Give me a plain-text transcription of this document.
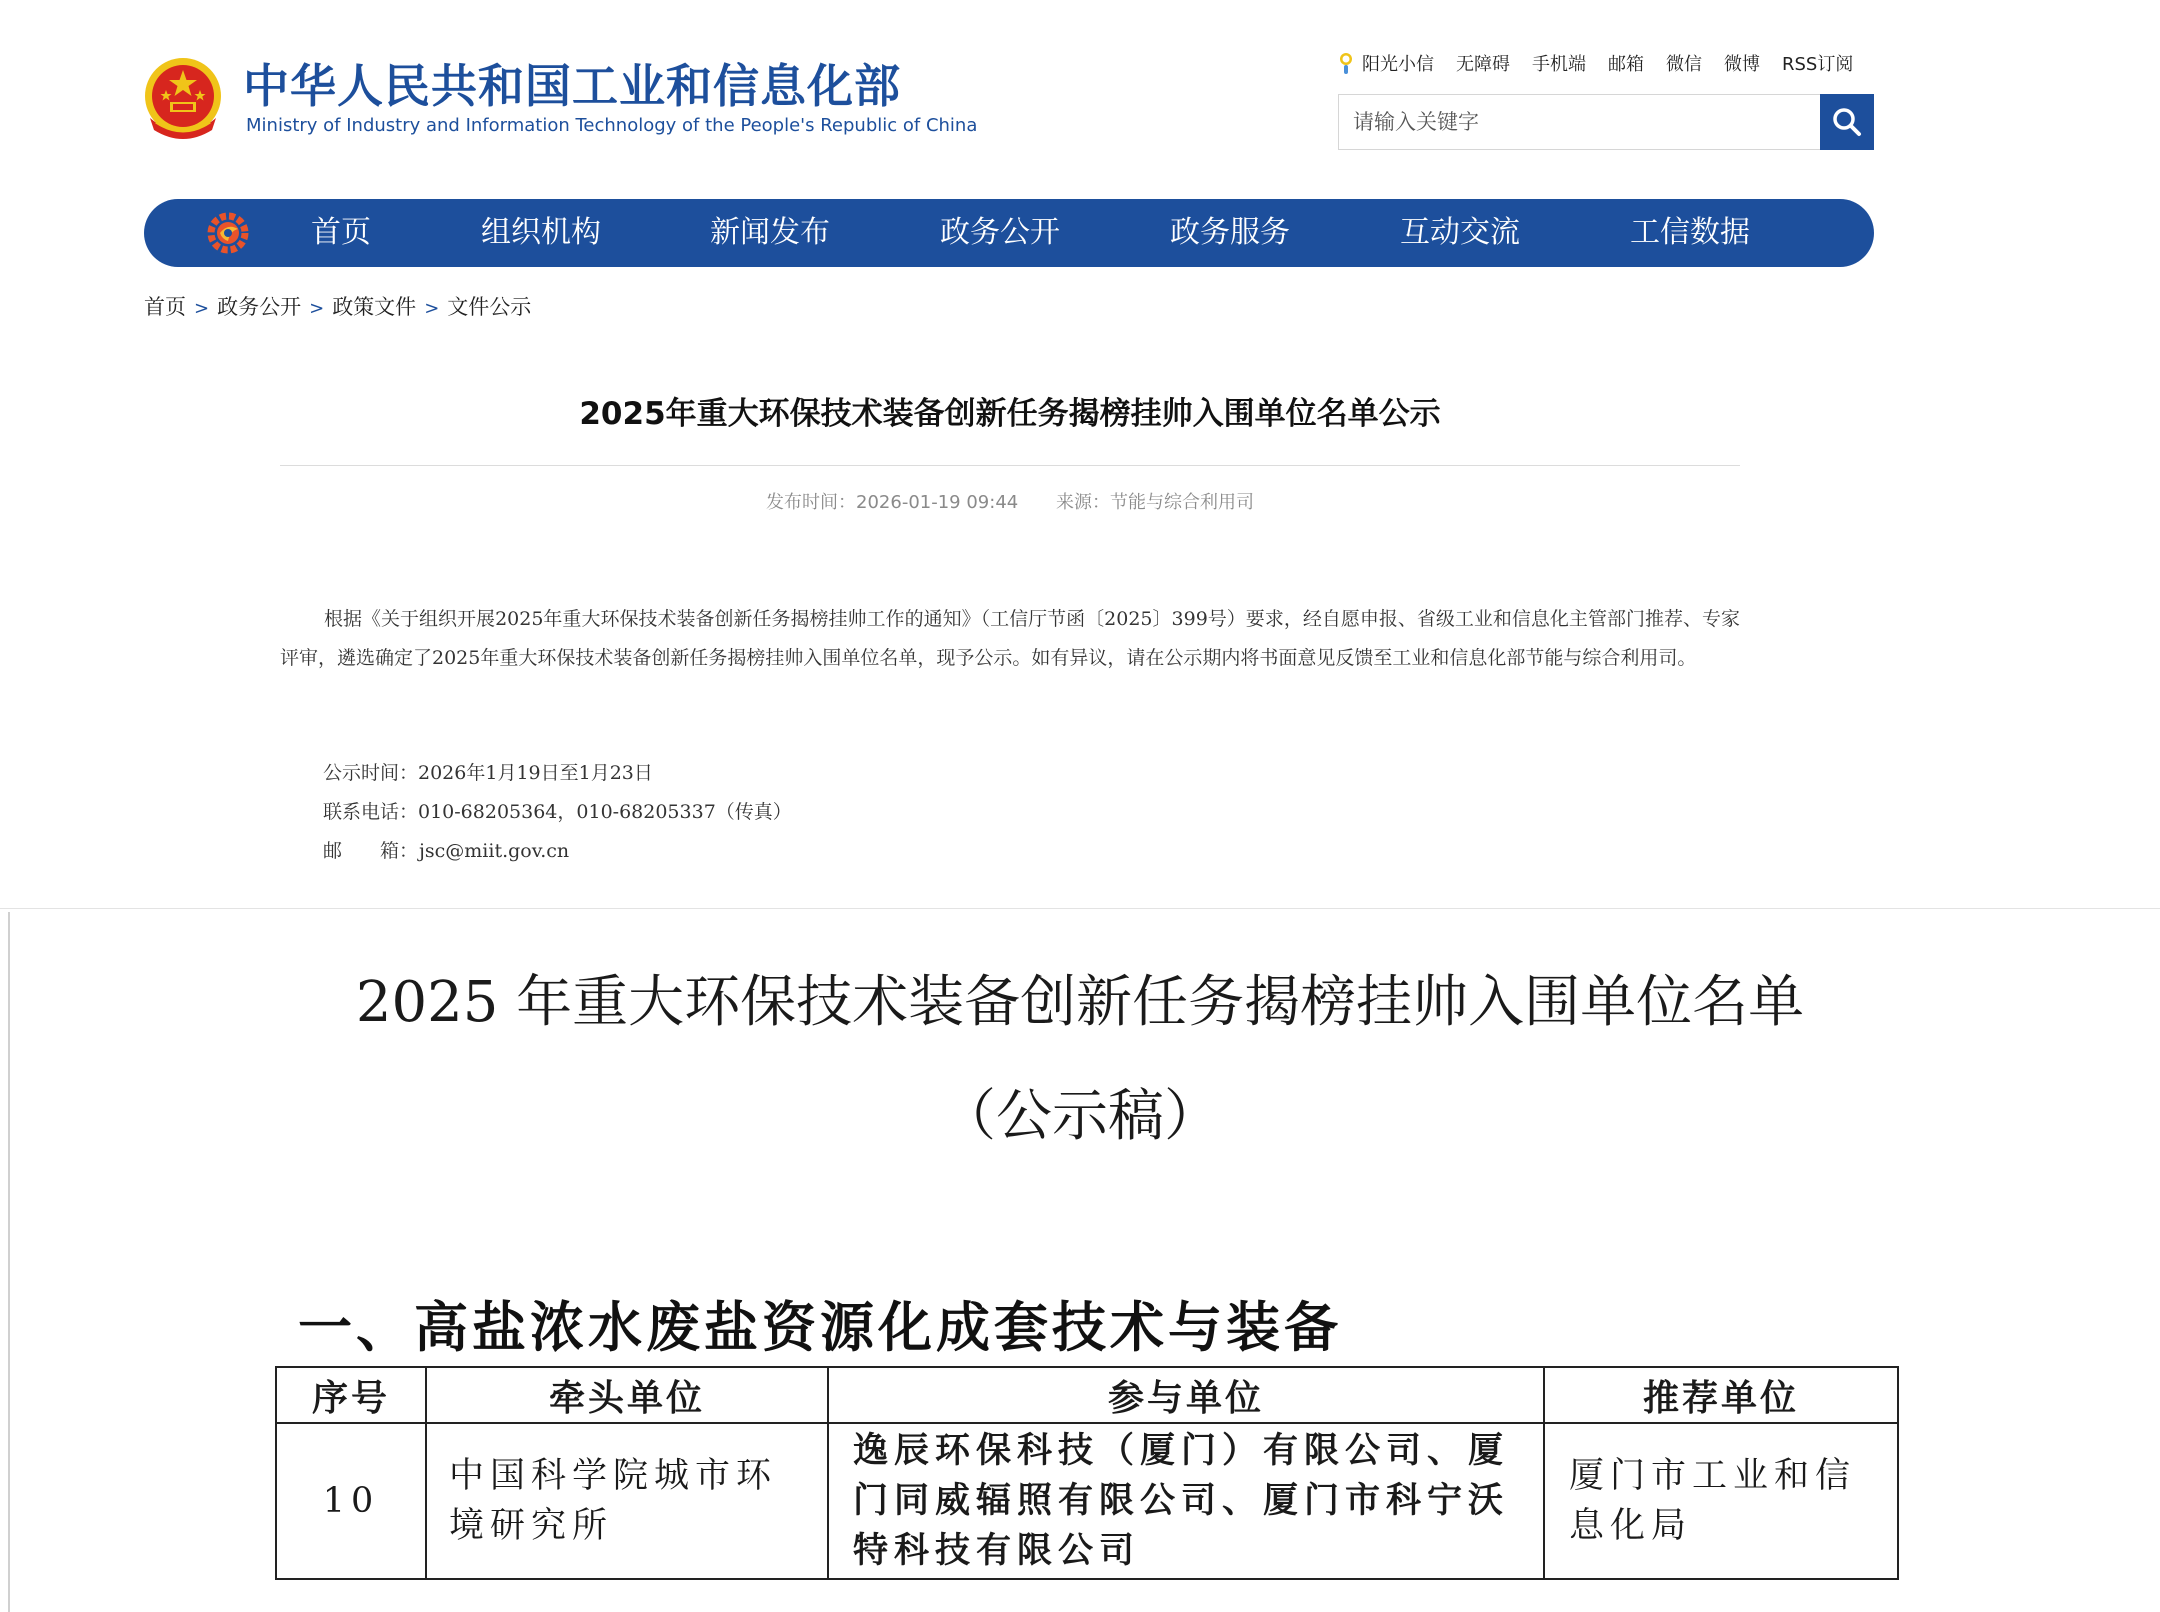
中华人民共和国工业和信息化部
Ministry of Industry and Information Technology of the People's Republic of China
阳光小信 无障碍 手机端 邮箱 微信 微博 RSS订阅
请输入关键字
首页	组织机构	新闻发布	政务公开	政务服务	互动交流	工信数据
首页 > 政务公开 > 政策文件 > 文件公示
2025年重大环保技术装备创新任务揭榜挂帅入围单位名单公示
发布时间：2026-01-19 09:44 来源：节能与综合利用司
根据《关于组织开展2025年重大环保技术装备创新任务揭榜挂帅工作的通知》（工信厅节函〔2025〕399号）要求，经自愿申报、省级工业和信息化主管部门推荐、专家评审，遴选确定了2025年重大环保技术装备创新任务揭榜挂帅入围单位名单，现予公示。如有异议，请在公示期内将书面意见反馈至工业和信息化部节能与综合利用司。
公示时间：2026年1月19日至1月23日
联系电话：010-68205364，010-68205337（传真）
邮　　箱：jsc@miit.gov.cn
2025 年重大环保技术装备创新任务揭榜挂帅入围单位名单
（公示稿）
一、高盐浓水废盐资源化成套技术与装备
序号	牵头单位	参与单位	推荐单位
10	中国科学院城市环境研究所	逸辰环保科技（厦门）有限公司、厦门同威辐照有限公司、厦门市科宁沃特科技有限公司	厦门市工业和信息化局
